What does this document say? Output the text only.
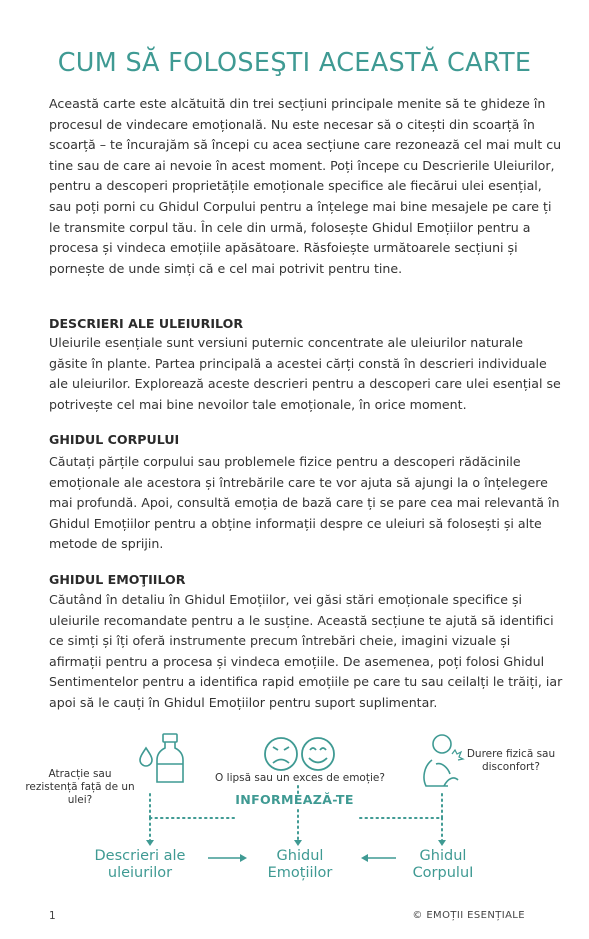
CUM SĂ FOLOSEŞTI ACEASTĂ CARTE

Această carte este alcătuită din trei secțiuni principale menite să te ghideze în procesul de vindecare emoțională. Nu este necesar să o citești din scoarță în scoarță – te încurajăm să începi cu acea secțiune care rezonează cel mai mult cu tine sau de care ai nevoie în acest moment. Poți începe cu Descrierile Uleiurilor, pentru a descoperi proprietățile emoționale specifice ale fiecărui ulei esențial, sau poți porni cu Ghidul Corpului pentru a înțelege mai bine mesajele pe care ți le transmite corpul tău. În cele din urmă, folosește Ghidul Emoțiilor pentru a procesa și vindeca emoțiile apăsătoare. Răsfoiește următoarele secțiuni și pornește de unde simți că e cel mai potrivit pentru tine.

DESCRIERI ALE ULEIURILOR

Uleiurile esențiale sunt versiuni puternic concentrate ale uleiurilor naturale găsite în plante. Partea principală a acestei cărți constă în descrieri individuale ale uleiurilor. Explorează aceste descrieri pentru a descoperi care ulei esențial se potrivește cel mai bine nevoilor tale emoționale, în orice moment.

GHIDUL CORPULUI

Căutați părțile corpului sau problemele fizice pentru a descoperi rădăcinile emoționale ale acestora și întrebările care te vor ajuta să ajungi la o înțelegere mai profundă. Apoi, consultă emoția de bază care ți se pare cea mai relevantă în Ghidul Emoțiilor pentru a obține informații despre ce uleiuri să folosești și alte metode de sprijin.

GHIDUL EMOŢIILOR

Căutând în detaliu în Ghidul Emoțiilor, vei găsi stări emoționale specifice și uleiurile recomandate pentru a le susține. Această secțiune te ajută să identifici ce simți și îți oferă instrumente precum întrebări cheie, imagini vizuale și afirmații pentru a procesa și vindeca emoțiile. De asemenea, poți folosi Ghidul Sentimentelor pentru a identifica rapid emoțiile pe care tu sau ceilalți le trăiți, iar apoi să le cauți în Ghidul Emoțiilor pentru suport suplimentar.

Atracție sau rezistență față de un ulei?
O lipsă sau un exces de emoție?
Durere fizică sau disconfort?
INFORMEAZĂ-TE
Descrieri ale uleiurilor
Ghidul Emoțiilor
Ghidul CorpuluI
1	© EMOȚII ESENȚIALE
